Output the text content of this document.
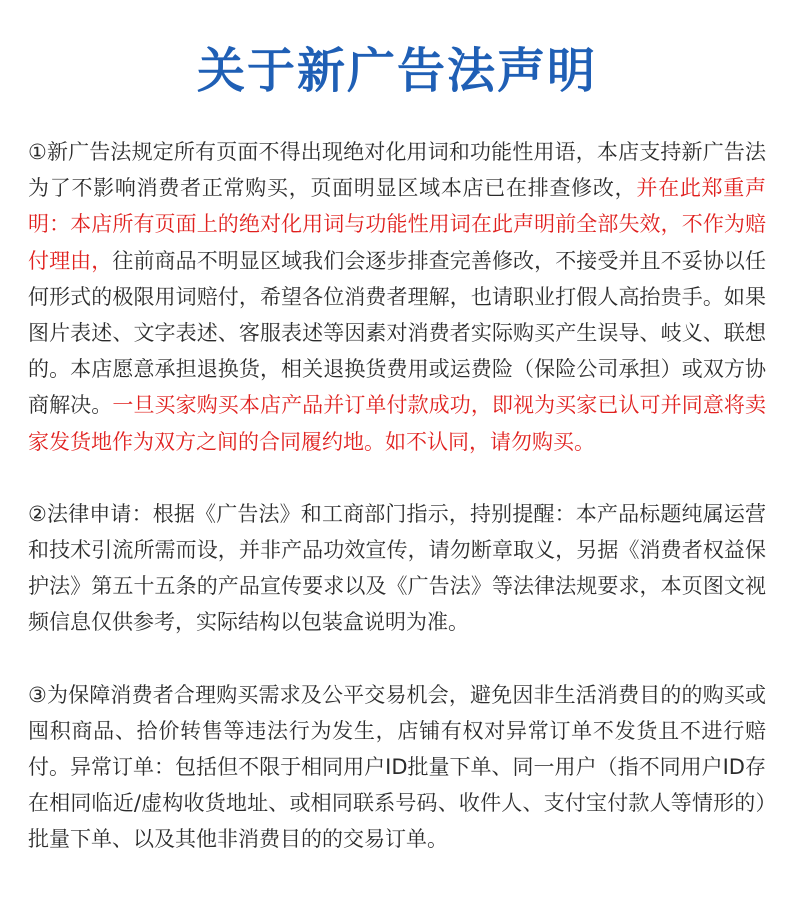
关于新广告法声明

①新广告法规定所有页面不得出现绝对化用词和功能性用语，本店支持新广告法为了不影响消费者正常购买，页面明显区域本店已在排查修改，并在此郑重声明：本店所有页面上的绝对化用词与功能性用词在此声明前全部失效，不作为赔付理由，往前商品不明显区域我们会逐步排查完善修改，不接受并且不妥协以任何形式的极限用词赔付，希望各位消费者理解，也请职业打假人高抬贵手。如果图片表述、文字表述、客服表述等因素对消费者实际购买产生误导、岐义、联想的。本店愿意承担退换货，相关退换货费用或运费险（保险公司承担）或双方协商解决。一旦买家购买本店产品并订单付款成功，即视为买家已认可并同意将卖家发货地作为双方之间的合同履约地。如不认同，请勿购买。

②法律申请：根据《广告法》和工商部门指示，持别提醒：本产品标题纯属运营和技术引流所需而设，并非产品功效宣传，请勿断章取义，另据《消费者权益保护法》第五十五条的产品宣传要求以及《广告法》等法律法规要求，本页图文视频信息仅供参考，实际结构以包装盒说明为准。

③为保障消费者合理购买需求及公平交易机会，避免因非生活消费目的的购买或囤积商品、拾价转售等违法行为发生，店铺有权对异常订单不发货且不进行赔付。异常订单：包括但不限于相同用户ID批量下单、同一用户（指不同用户ID存在相同临近/虚构收货地址、或相同联系号码、收件人、支付宝付款人等情形的）批量下单、以及其他非消费目的的交易订单。
